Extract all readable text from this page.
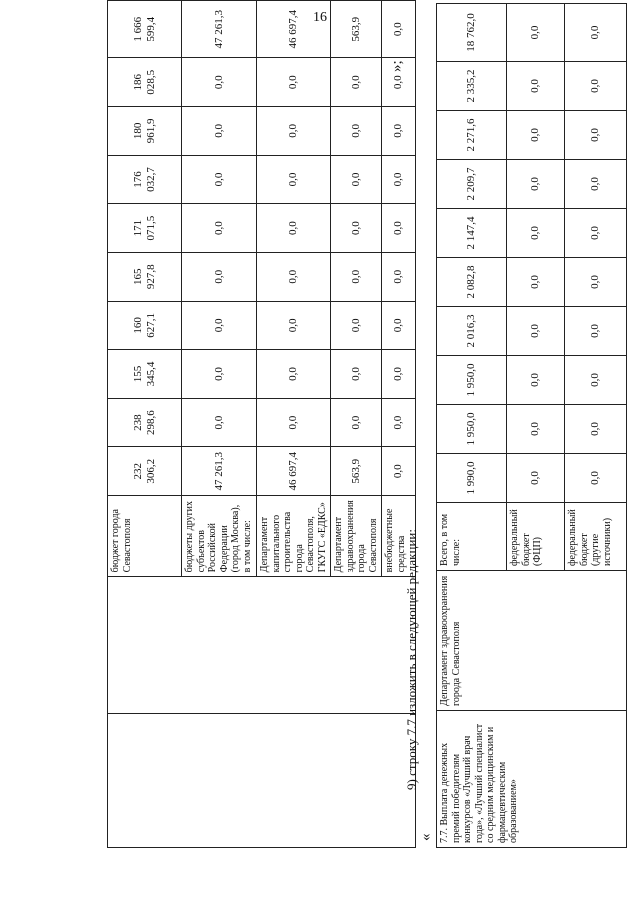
16
		бюджет города Севастополя	232 306,2	238 298,6	155 345,4	160 627,1	165 927,8	171 071,5	176 032,7	180 961,9	186 028,5	1 666 599,4
		бюджеты других субъектов Российской Федерации (город Москва), в том числе:	47 261,3	0,0	0,0	0,0	0,0	0,0	0,0	0,0	0,0	47 261,3
		Департамент капитального строительства города Севастополя, ГКУГС «ЕДКС»	46 697,4	0,0	0,0	0,0	0,0	0,0	0,0	0,0	0,0	46 697,4
		Департамент здравоохранения города Севастополя	563,9	0,0	0,0	0,0	0,0	0,0	0,0	0,0	0,0	563,9
		внебюджетные средства	0,0	0,0	0,0	0,0	0,0	0,0	0,0	0,0	0,0	0,0
»;
9) строку 7.7 изложить в следующей редакции:
« 7.7. Выплата денежных премий победителям конкурсов «Лучший врач года», «Лучший специалист со средним медицинским и фармацевтическим образованием»	Департамент здравоохранения города Севастополя	Всего, в том числе:	1 990,0	1 950,0	1 950,0	2 016,3	2 082,8	2 147,4	2 209,7	2 271,6	2 335,2	18 762,0
		федеральный бюджет (ФЦП)	0,0	0,0	0,0	0,0	0,0	0,0	0,0	0,0	0,0	0,0
		федеральный бюджет (другие источники)	0,0	0,0	0,0	0,0	0,0	0,0	0,0	0,0	0,0	0,0
